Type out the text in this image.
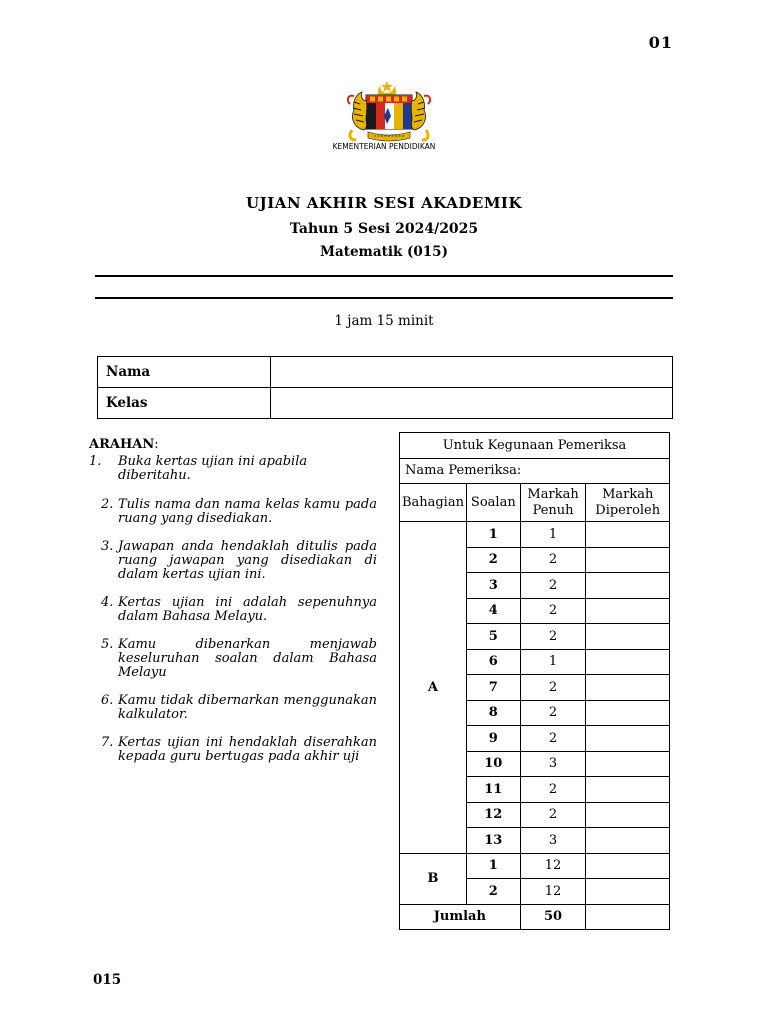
01
KEMENTERIAN PENDIDIKAN
UJIAN AKHIR SESI AKADEMIK
Tahun 5 Sesi 2024/2025
Matematik (015)
1 jam 15 minit
Nama	
Kelas	
ARAHAN:
1. Buka kertas ujian ini apabila diberitahu.
2. Tulis nama dan nama kelas kamu pada ruang yang disediakan.
3. Jawapan anda hendaklah ditulis pada ruang jawapan yang disediakan di dalam kertas ujian ini.
4. Kertas ujian ini adalah sepenuhnya dalam Bahasa Melayu.
5. Kamu dibenarkan menjawab keseluruhan soalan dalam Bahasa Melayu
6. Kamu tidak dibernarkan menggunakan kalkulator.
7. Kertas ujian ini hendaklah diserahkan kepada guru bertugas pada akhir uji
Untuk Kegunaan Pemeriksa			
Nama Pemeriksa:			
Bahagian	Soalan	Markah Penuh	Markah Diperoleh
A	1	1	
	2	2	
	3	2	
	4	2	
	5	2	
	6	1	
	7	2	
	8	2	
	9	2	
	10	3	
	11	2	
	12	2	
	13	3	
B	1	12	
	2	12	
Jumlah		50	
015
